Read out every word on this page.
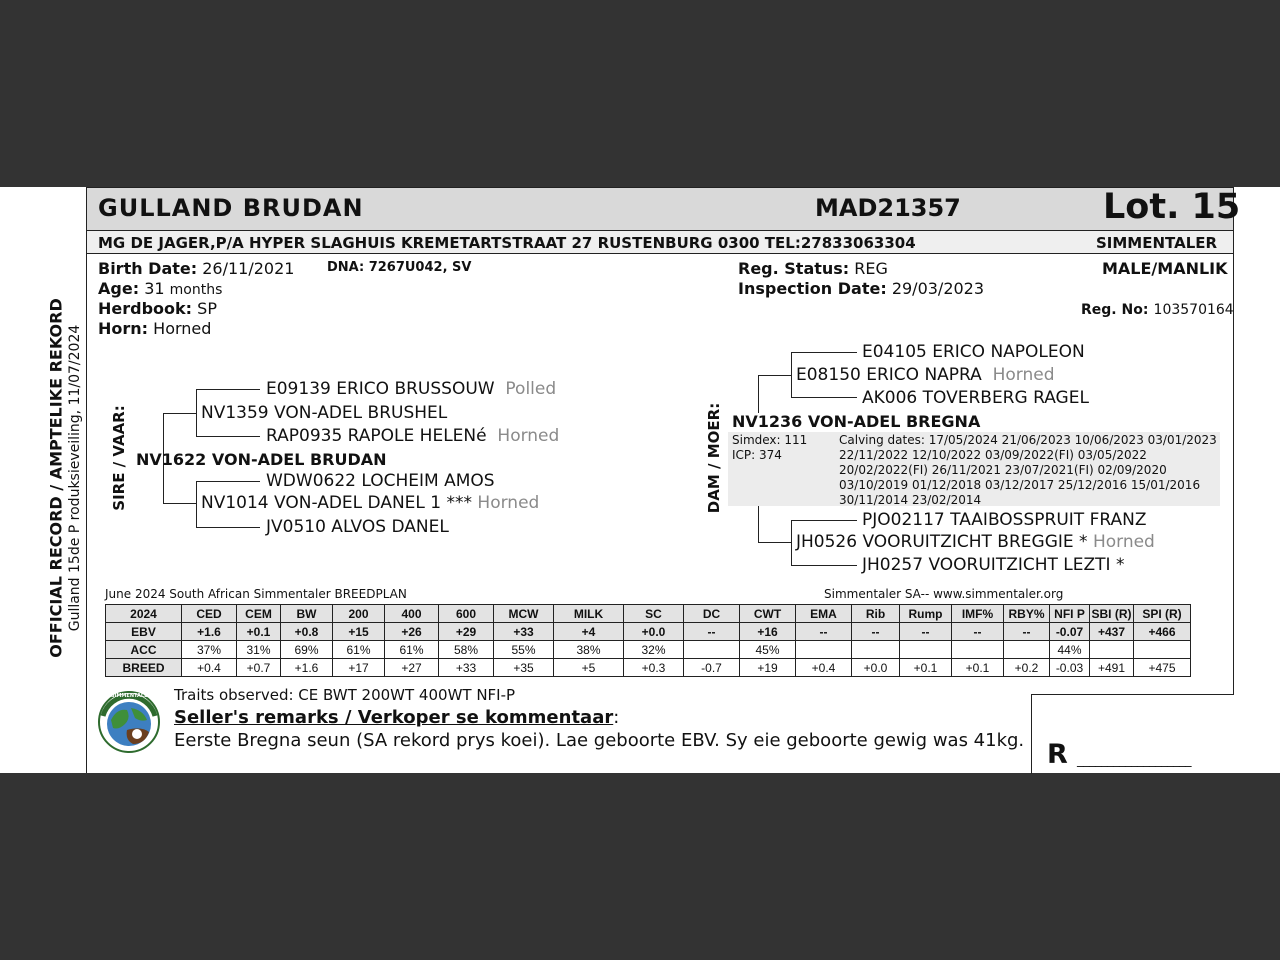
GULLAND BRUDAN	MAD21357	Lot. 15
MG DE JAGER,P/A HYPER SLAGHUIS KREMETARTSTRAAT 27 RUSTENBURG 0300 TEL:27833063304	SIMMENTALER
Birth Date: 26/11/2021	DNA: 7267U042, SV
Age: 31 months
Herdbook: SP
Horn: Horned
Reg. Status: REG
Inspection Date: 29/03/2023
MALE/MANLIK
Reg. No: 103570164
OFFICIAL RECORD / AMPTELIKE REKORD Gulland 15de P roduksieveiling, 11/07/2024 SIRE / VAAR:	DAM / MOER:
E09139 ERICO BRUSSOUW Polled
NV1359 VON-ADEL BRUSHEL
RAP0935 RAPOLE HELENé Horned
NV1622 VON-ADEL BRUDAN
WDW0622 LOCHEIM AMOS
NV1014 VON-ADEL DANEL 1 *** Horned
JV0510 ALVOS DANEL
E04105 ERICO NAPOLEON
E08150 ERICO NAPRA Horned
AK006 TOVERBERG RAGEL
NV1236 VON-ADEL BREGNA
Simdex: 111
ICP: 374
Calving dates: 17/05/2024 21/06/2023 10/06/2023 03/01/2023
22/11/2022 12/10/2022 03/09/2022(FI) 03/05/2022
20/02/2022(FI) 26/11/2021 23/07/2021(FI) 02/09/2020
03/10/2019 01/12/2018 03/12/2017 25/12/2016 15/01/2016
30/11/2014 23/02/2014
PJO02117 TAAIBOSSPRUIT FRANZ
JH0526 VOORUITZICHT BREGGIE * Horned
JH0257 VOORUITZICHT LEZTI *
June 2024 South African Simmentaler BREEDPLAN	Simmentaler SA-- www.simmentaler.org
2024	CED	CEM	BW	200	400	600	MCW	MILK	SC	DC	CWT	EMA	Rib	Rump	IMF%	RBY%	NFI P	SBI (R)	SPI (R)
EBV	+1.6	+0.1	+0.8	+15	+26	+29	+33	+4	+0.0	--	+16	--	--	--	--	--	-0.07	+437	+466
ACC	37%	31%	69%	61%	61%	58%	55%	38%	32%		45%						44%		
BREED	+0.4	+0.7	+1.6	+17	+27	+33	+35	+5	+0.3	-0.7	+19	+0.4	+0.0	+0.1	+0.1	+0.2	-0.03	+491	+475
R ___________________
SIMMENTALER Traits observed: CE BWT 200WT 400WT NFI-P
Seller's remarks / Verkoper se kommentaar:
Eerste Bregna seun (SA rekord prys koei). Lae geboorte EBV. Sy eie geboorte gewig was 41kg.
